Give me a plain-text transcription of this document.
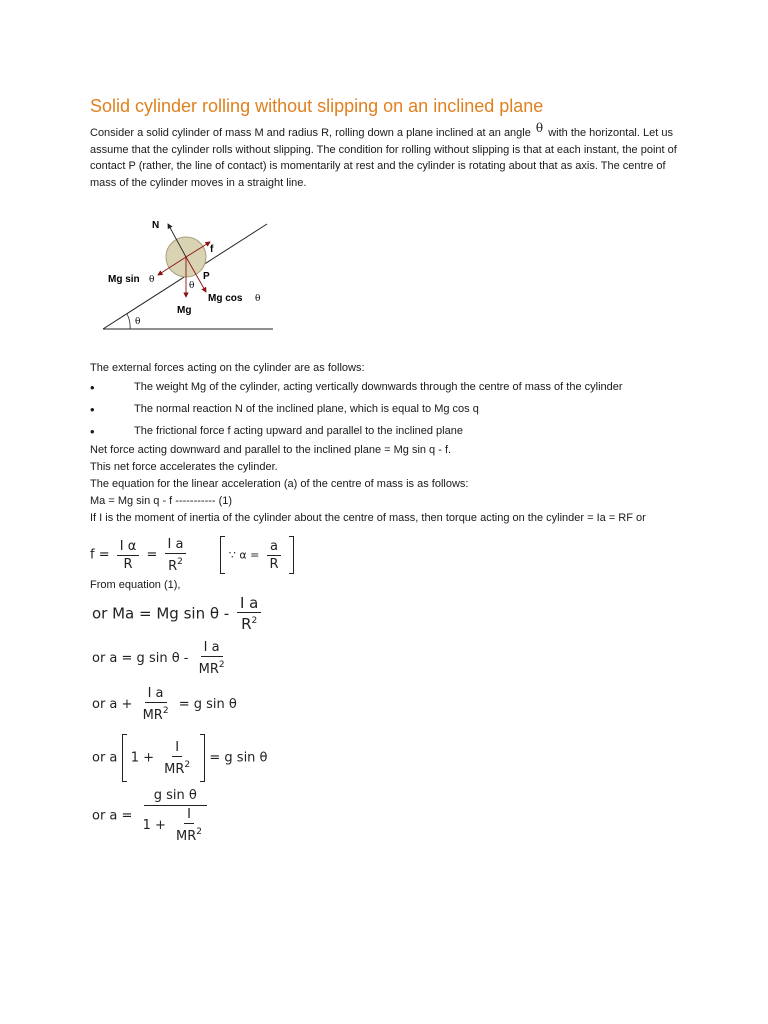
Solid cylinder rolling without slipping on an inclined plane

Consider a solid cylinder of mass M and radius R, rolling down a plane inclined at an angle θ with the horizontal. Let us assume that the cylinder rolls without slipping. The condition for rolling without slipping is that at each instant, the point of contact P (rather, the line of contact) is momentarily at rest and the cylinder is rotating about that as axis. The centre of mass of the cylinder moves in a straight line.

N
f
P
Mg sin θ
θ
Mg cos θ
Mg
θ
The external forces acting on the cylinder are as follows:
•	The weight Mg of the cylinder, acting vertically downwards through the centre of mass of the cylinder
•	The normal reaction N of the inclined plane, which is equal to Mg cos q
•	The frictional force f acting upward and parallel to the inclined plane
Net force acting downward and parallel to the inclined plane = Mg sin q - f.
This net force accelerates the cylinder.
The equation for the linear acceleration (a) of the centre of mass is as follows:
Ma = Mg sin q - f ----------- (1)
If I is the moment of inertia of the cylinder about the centre of mass, then torque acting on the cylinder = Ia = RF or
$f = \frac{\text{I α}}{R} = \frac{\text{I a}}{R^2}$	∵ $\alpha = \frac{a}{R}$

From equation (1),
or Ma = Mg sin θ - $\frac{\text{I a}}{R^2}$
or a = g sin θ - $\frac{\text{I a}}{MR^2}$
or $a + \frac{\text{I a}}{MR^2} = g$ sin θ
or a $1 + \frac{I}{MR^2} = g$ sin θ
or $a = \frac{\text{g sin θ}}{1 + \frac{I}{MR^2}}$
